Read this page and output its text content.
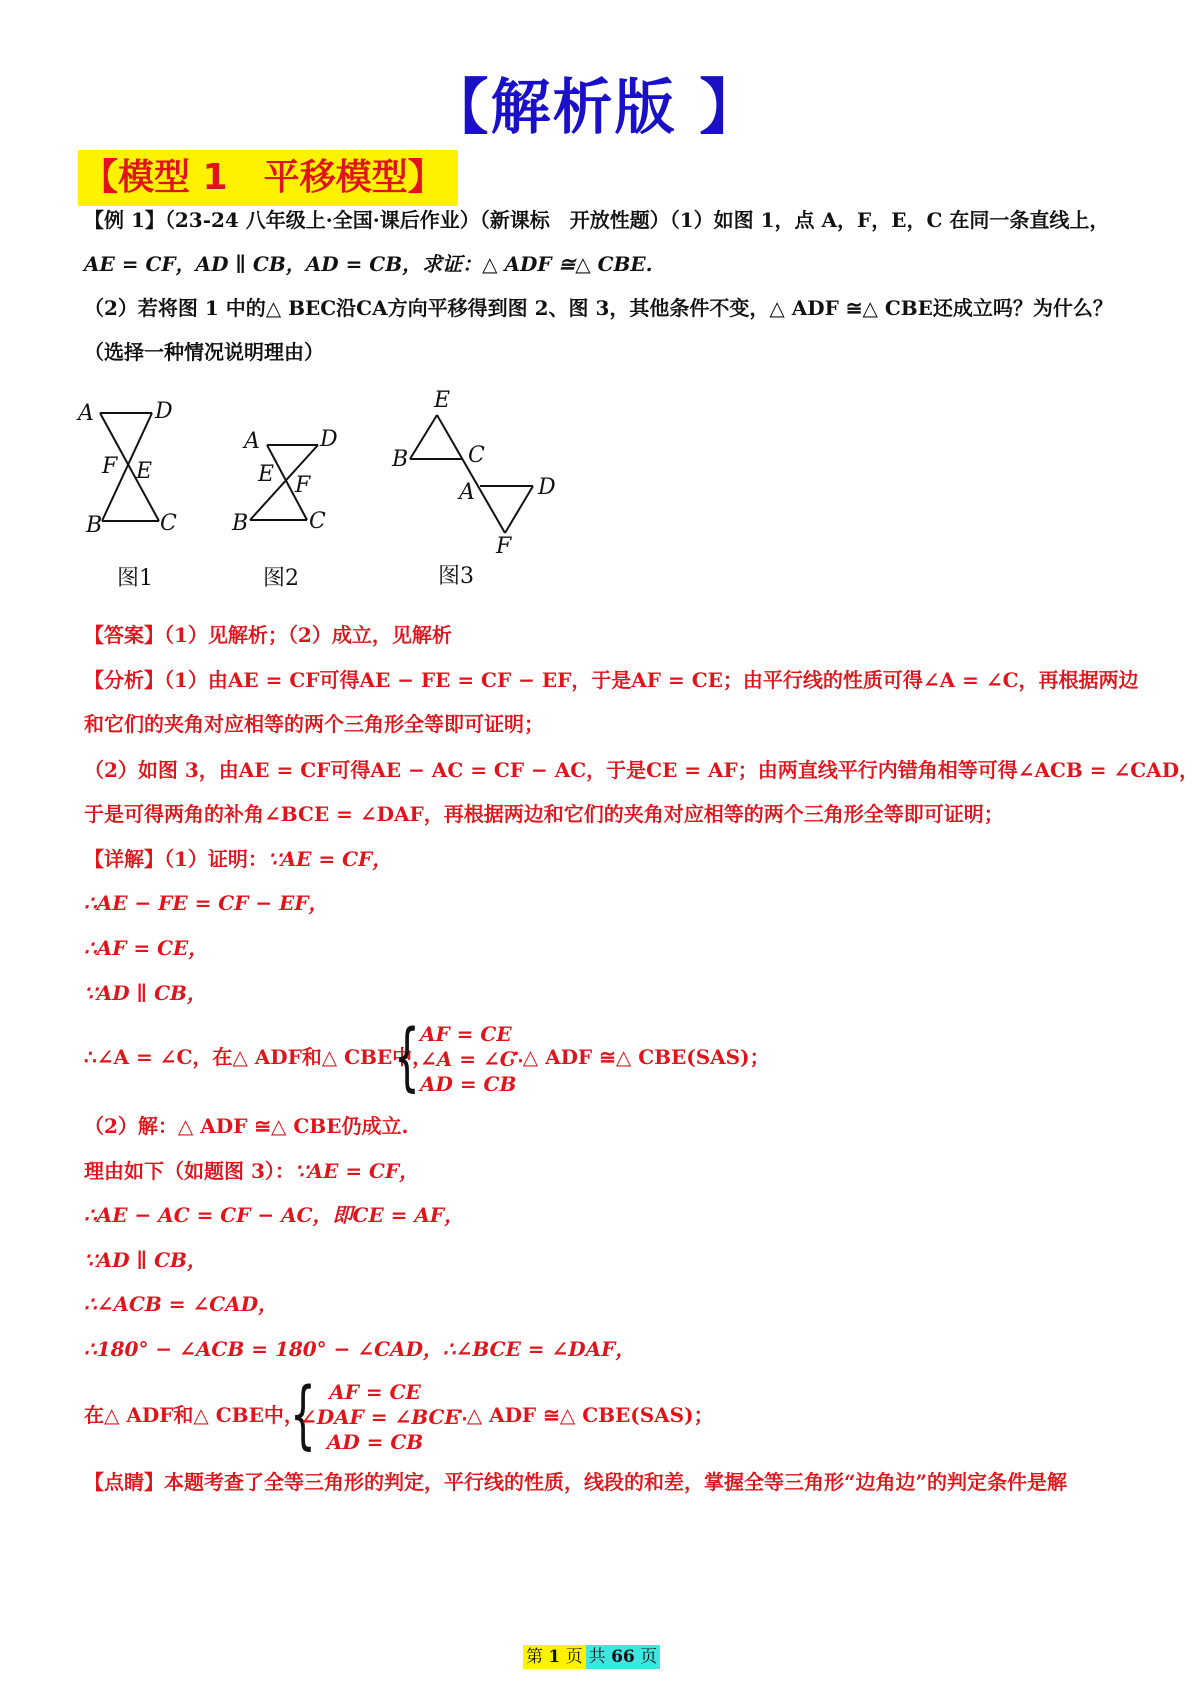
【解析版 】
【模型 1　平移模型】
【例 1】（23-24 八年级上·全国·课后作业）（新课标　开放性题）（1）如图 1，点 A，F，E，C 在同一条直线上，
AE = CF，AD ∥ CB，AD = CB，求证：△ ADF ≅△ CBE.
（2）若将图 1 中的△ BEC沿CA方向平移得到图 2、图 3，其他条件不变，△ ADF ≅△ CBE还成立吗？为什么？
（选择一种情况说明理由）
A	D
F E
B	C
图1
A	D
E F
B	C
图2
E
B	C
A	D
F
图3
【答案】（1）见解析；（2）成立，见解析
【分析】（1）由AE = CF可得AE − FE = CF − EF，于是AF = CE；由平行线的性质可得∠A = ∠C，再根据两边
和它们的夹角对应相等的两个三角形全等即可证明；
（2）如图 3，由AE = CF可得AE − AC = CF − AC，于是CE = AF；由两直线平行内错角相等可得∠ACB = ∠CAD，
于是可得两角的补角∠BCE = ∠DAF，再根据两边和它们的夹角对应相等的两个三角形全等即可证明；
【详解】（1）证明：∵AE = CF，
∴AE − FE = CF − EF，
∴AF = CE，
∵AD ∥ CB，
∴∠A = ∠C，在△ ADF和△ CBE中，
{ AF = CE
∠A = ∠C
AD = CB
∴△ ADF ≅△ CBE(SAS)；
（2）解：△ ADF ≅△ CBE仍成立.
理由如下（如题图 3）：∵AE = CF，
∴AE − AC = CF − AC，即CE = AF，
∵AD ∥ CB，
∴∠ACB = ∠CAD，
∴180° − ∠ACB = 180° − ∠CAD，∴∠BCE = ∠DAF，
在△ ADF和△ CBE中，
{ AF = CE
∠DAF = ∠BCE
AD = CB
∴△ ADF ≅△ CBE(SAS)；
【点睛】本题考查了全等三角形的判定，平行线的性质，线段的和差，掌握全等三角形“边角边”的判定条件是解
第 1 页 共 66 页
